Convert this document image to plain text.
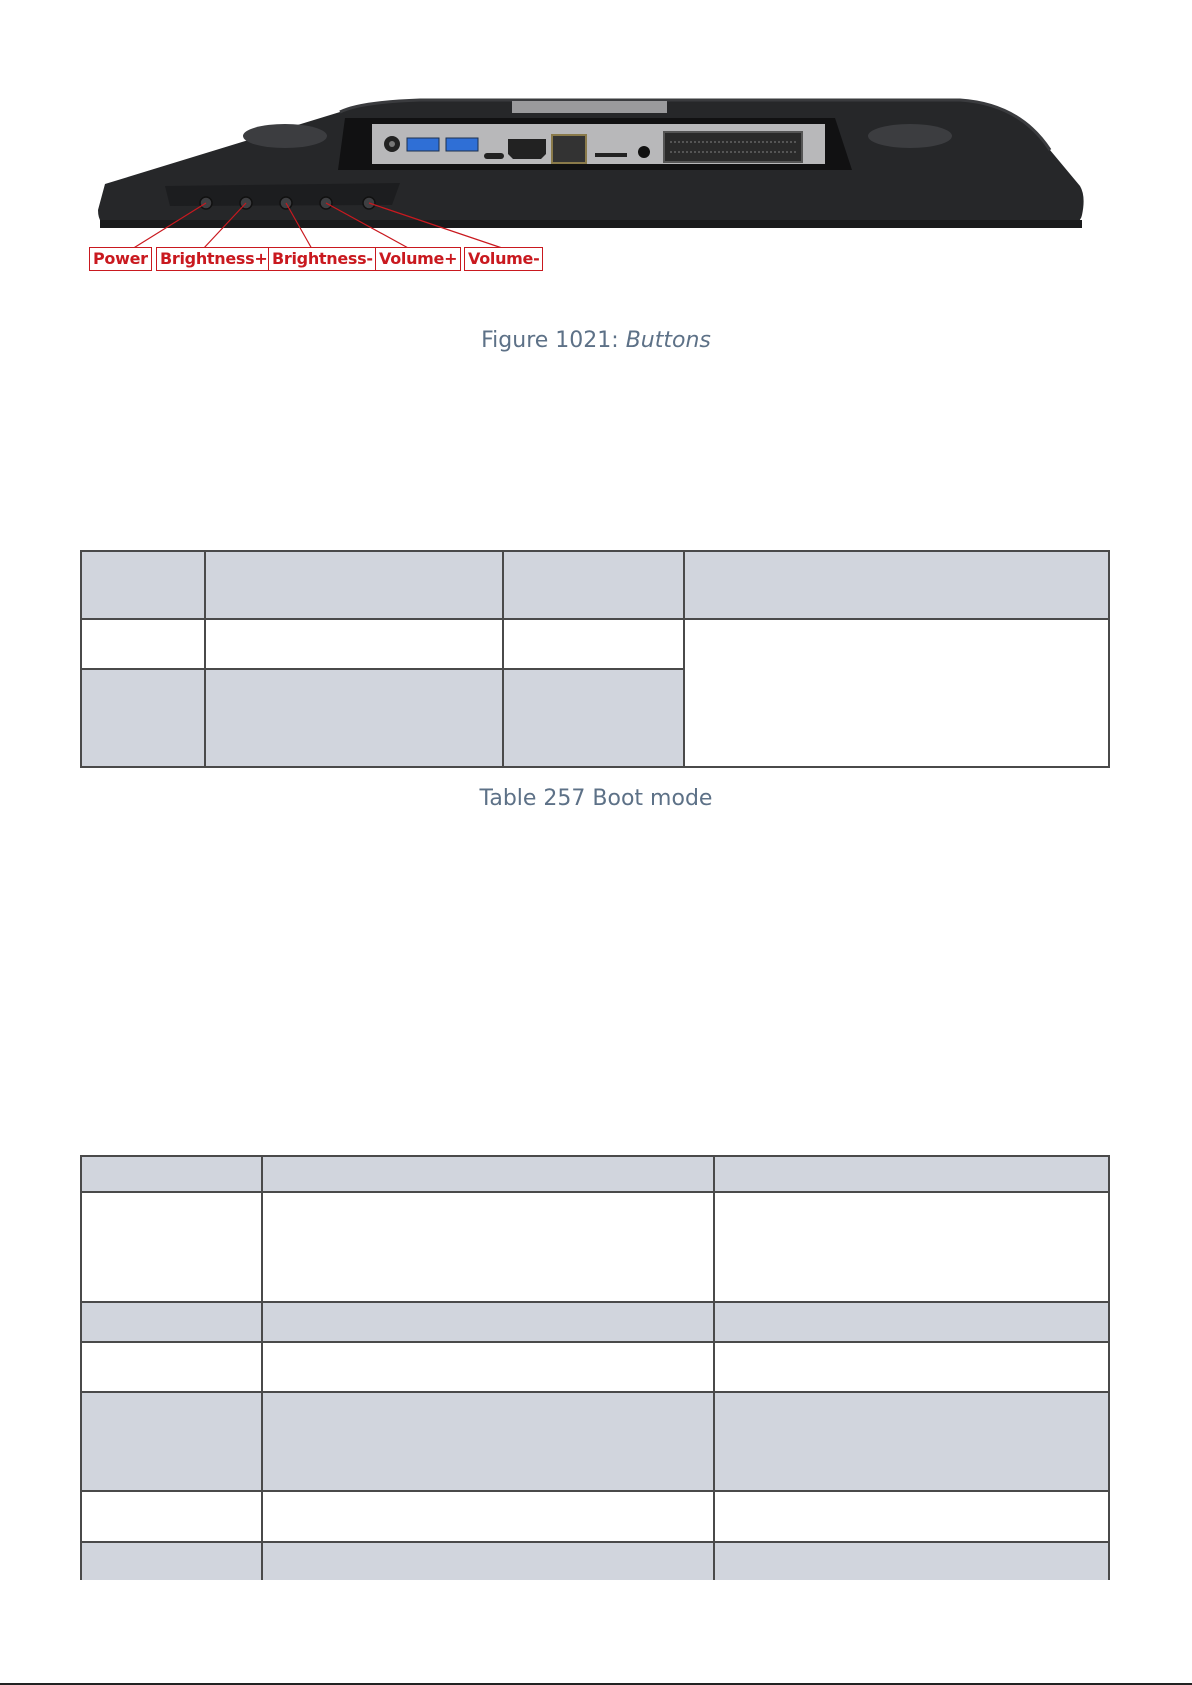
Power Brightness+ Brightness- Volume+ Volume-
Figure 1021: Buttons

Table 257 Boot mode
